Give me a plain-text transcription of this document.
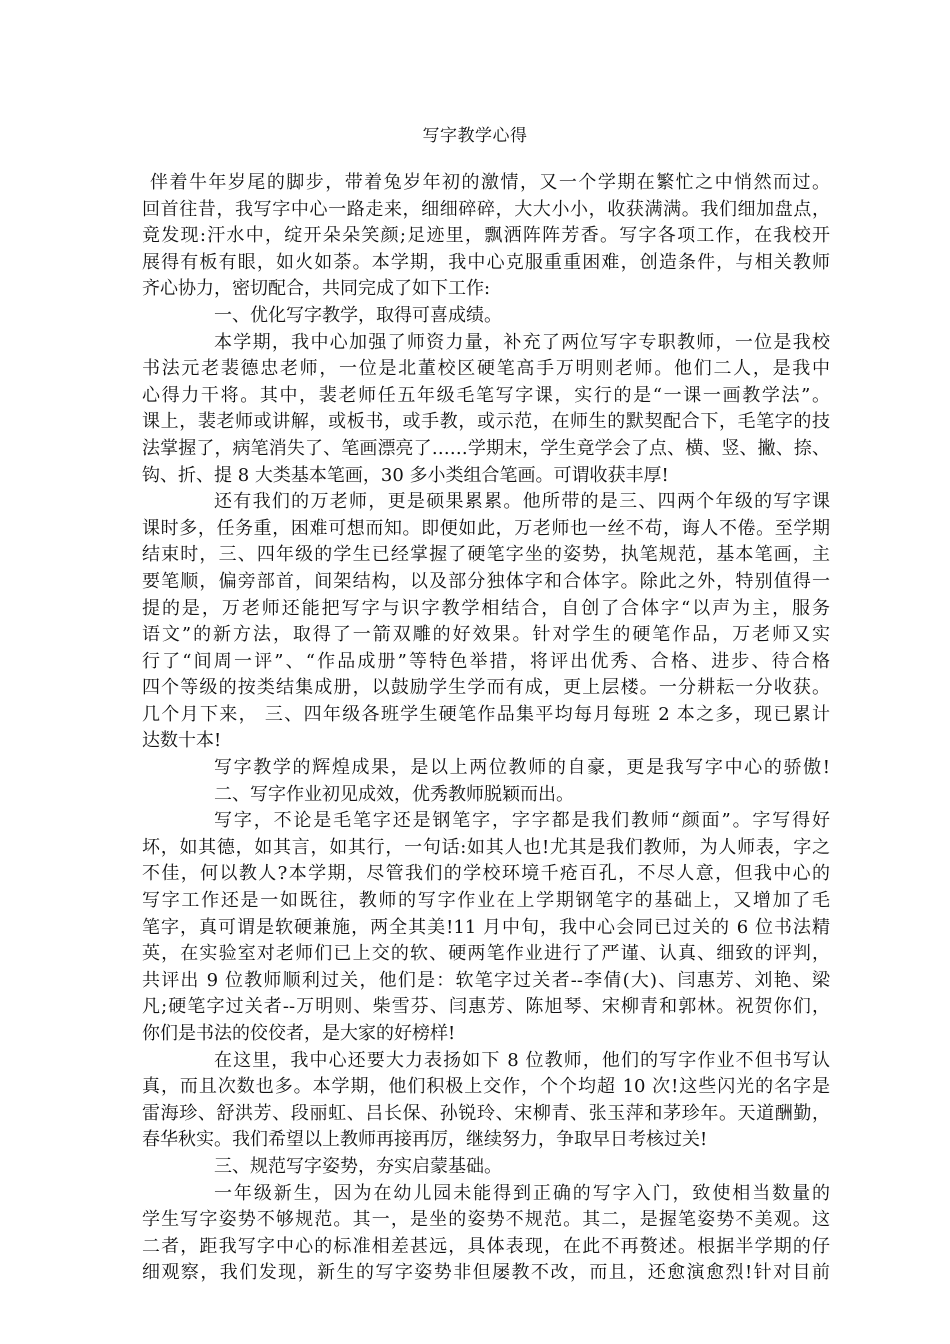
写字教学心得
伴着牛年岁尾的脚步，带着兔岁年初的激情，又一个学期在繁忙之中悄然而过。
回首往昔，我写字中心一路走来，细细碎碎，大大小小，收获满满。我们细加盘点，
竟发现:汗水中，绽开朵朵笑颜;足迹里，飘洒阵阵芳香。写字各项工作，在我校开
展得有板有眼，如火如荼。本学期，我中心克服重重困难，创造条件，与相关教师
齐心协力，密切配合，共同完成了如下工作:
一、优化写字教学，取得可喜成绩。
本学期，我中心加强了师资力量，补充了两位写字专职教师，一位是我校
书法元老裴德忠老师，一位是北董校区硬笔高手万明则老师。他们二人，是我中
心得力干将。其中，裴老师任五年级毛笔写字课，实行的是“一课一画教学法”。
课上，裴老师或讲解，或板书，或手教，或示范，在师生的默契配合下，毛笔字的技
法掌握了，病笔消失了、笔画漂亮了……学期末，学生竟学会了点、横、竖、撇、捺、
钩、折、提 8 大类基本笔画，30 多小类组合笔画。可谓收获丰厚!
还有我们的万老师，更是硕果累累。他所带的是三、四两个年级的写字课
课时多，任务重，困难可想而知。即便如此，万老师也一丝不苟，诲人不倦。至学期
结束时，三、四年级的学生已经掌握了硬笔字坐的姿势，执笔规范，基本笔画，主
要笔顺，偏旁部首，间架结构，以及部分独体字和合体字。除此之外，特别值得一
提的是，万老师还能把写字与识字教学相结合，自创了合体字“以声为主，服务
语文”的新方法，取得了一箭双雕的好效果。针对学生的硬笔作品，万老师又实
行了“间周一评”、“作品成册”等特色举措，将评出优秀、合格、进步、待合格
四个等级的按类结集成册，以鼓励学生学而有成，更上层楼。一分耕耘一分收获。
几个月下来， 三、四年级各班学生硬笔作品集平均每月每班 2 本之多，现已累计
达数十本!
写字教学的辉煌成果，是以上两位教师的自豪，更是我写字中心的骄傲!
二、写字作业初见成效，优秀教师脱颖而出。
写字，不论是毛笔字还是钢笔字，字字都是我们教师“颜面”。字写得好
坏，如其德，如其言，如其行，一句话:如其人也!尤其是我们教师，为人师表，字之
不佳，何以教人?本学期，尽管我们的学校环境千疮百孔，不尽人意，但我中心的
写字工作还是一如既往，教师的写字作业在上学期钢笔字的基础上，又增加了毛
笔字，真可谓是软硬兼施，两全其美!11 月中旬，我中心会同已过关的 6 位书法精
英，在实验室对老师们已上交的软、硬两笔作业进行了严谨、认真、细致的评判，
共评出 9 位教师顺利过关，他们是：软笔字过关者--李倩(大)、闫惠芳、刘艳、梁
凡;硬笔字过关者--万明则、柴雪芬、闫惠芳、陈旭琴、宋柳青和郭林。祝贺你们，
你们是书法的佼佼者，是大家的好榜样!
在这里，我中心还要大力表扬如下 8 位教师，他们的写字作业不但书写认
真，而且次数也多。本学期，他们积极上交作，个个均超 10 次!这些闪光的名字是
雷海珍、舒洪芳、段丽虹、吕长保、孙锐玲、宋柳青、张玉萍和茅珍年。天道酬勤，
春华秋实。我们希望以上教师再接再厉，继续努力，争取早日考核过关!
三、规范写字姿势，夯实启蒙基础。
一年级新生，因为在幼儿园未能得到正确的写字入门，致使相当数量的
学生写字姿势不够规范。其一，是坐的姿势不规范。其二，是握笔姿势不美观。这
二者，距我写字中心的标准相差甚远，具体表现，在此不再赘述。根据半学期的仔
细观察，我们发现，新生的写字姿势非但屡教不改，而且，还愈演愈烈!针对目前
